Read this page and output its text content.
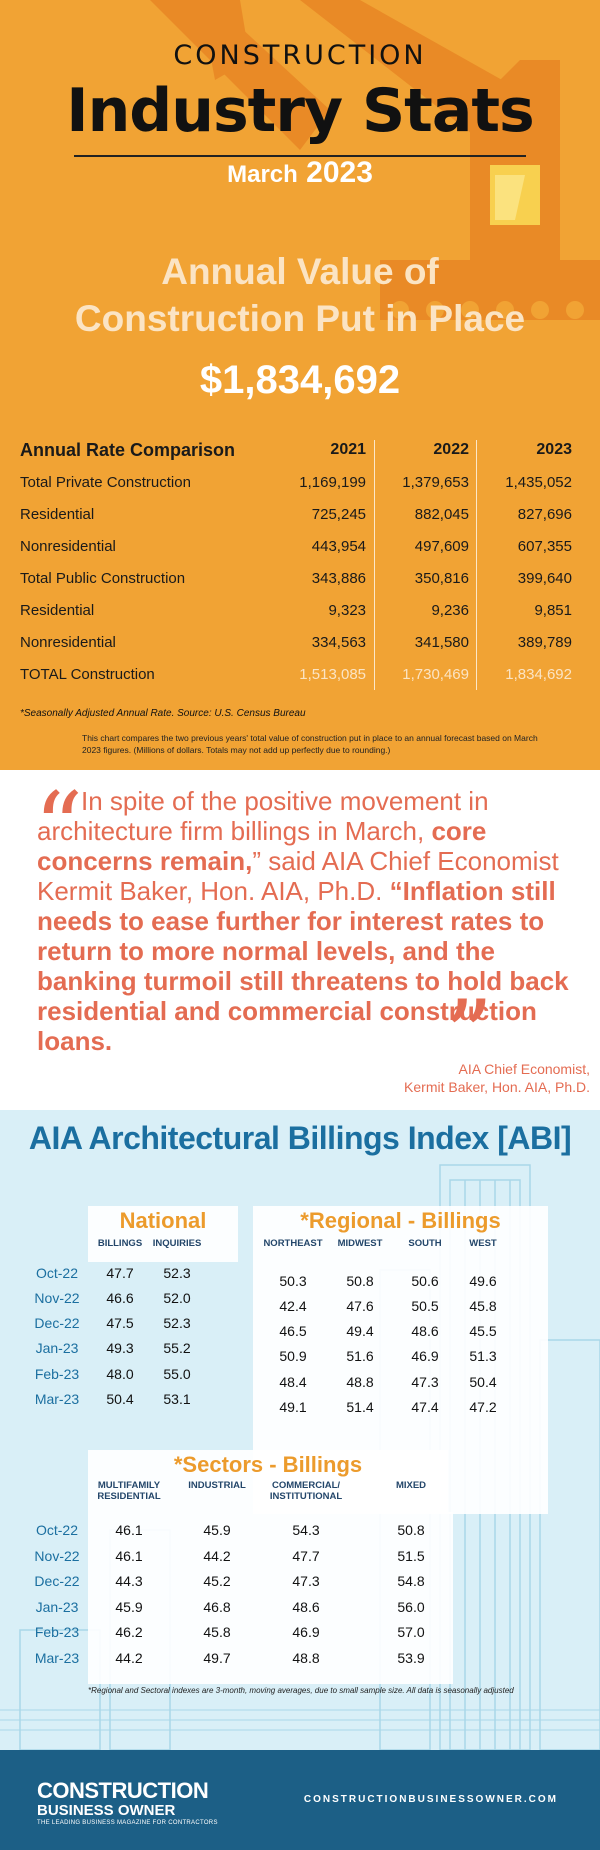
CONSTRUCTION
Industry Stats
March 2023
Annual Value of
Construction Put in Place
$1,834,692
Annual Rate Comparison	2021	2022	2023
Total Private Construction	1,169,199	1,379,653	1,435,052
Residential	725,245	882,045	827,696
Nonresidential	443,954	497,609	607,355
Total Public Construction	343,886	350,816	399,640
Residential	9,323	9,236	9,851
Nonresidential	334,563	341,580	389,789
TOTAL Construction	1,513,085	1,730,469	1,834,692
*Seasonally Adjusted Annual Rate. Source: U.S. Census Bureau
This chart compares the two previous years' total value of construction put in place to an annual forecast based on March 2023 figures. (Millions of dollars. Totals may not add up perfectly due to rounding.)
“
In spite of the positive movement in architecture firm billings in March, core concerns remain,” said AIA Chief Economist Kermit Baker, Hon. AIA, Ph.D. “Inflation still needs to ease further for interest rates to return to more normal levels, and the banking turmoil still threatens to hold back residential and commercial construction loans.	”
AIA Chief Economist,
Kermit Baker, Hon. AIA, Ph.D.
AIA Architectural Billings Index [ABI]
National	*Regional - Billings
*Sectors - Billings
BILLINGS	INQUIRIES	NORTHEAST	MIDWEST	SOUTH	WEST
MULTIFAMILY RESIDENTIAL
INDUSTRIAL	COMMERCIAL/ INSTITUTIONAL
MIXED
Oct-22	47.7	52.3	50.3	50.8	50.6	49.6
Nov-22	46.6	52.0	42.4	47.6	50.5	45.8
Dec-22	47.5	52.3	46.5	49.4	48.6	45.5
Jan-23	49.3	55.2	50.9	51.6	46.9	51.3
Feb-23	48.0	55.0	48.4	48.8	47.3	50.4
Mar-23	50.4	53.1	49.1	51.4	47.4	47.2
Oct-22	46.1	45.9	54.3	50.8
Nov-22	46.1	44.2	47.7	51.5
Dec-22	44.3	45.2	47.3	54.8
Jan-23	45.9	46.8	48.6	56.0
Feb-23	46.2	45.8	46.9	57.0
Mar-23	44.2	49.7	48.8	53.9
*Regional and Sectoral indexes are 3-month, moving averages, due to small sample size. All data is seasonally adjusted
CONSTRUCTION
BUSINESS OWNER
THE LEADING BUSINESS MAGAZINE FOR CONTRACTORS
CONSTRUCTIONBUSINESSOWNER.COM
